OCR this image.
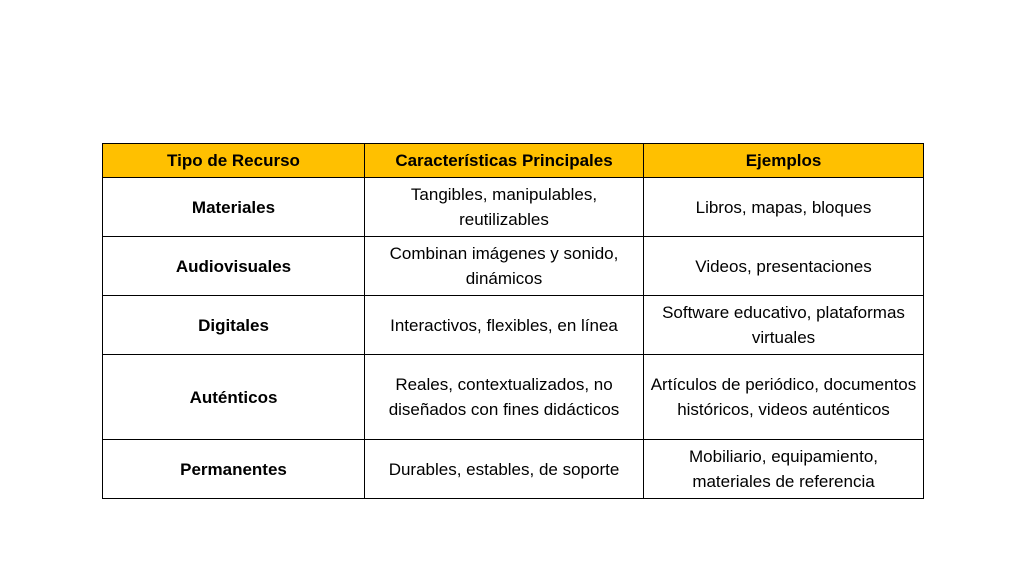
Tipo de Recurso	Características Principales	Ejemplos
Materiales	Tangibles, manipulables, reutilizables	Libros, mapas, bloques
Audiovisuales	Combinan imágenes y sonido, dinámicos	Videos, presentaciones
Digitales	Interactivos, flexibles, en línea	Software educativo, plataformas virtuales
Auténticos	Reales, contextualizados, no diseñados con fines didácticos	Artículos de periódico, documentos históricos, videos auténticos
Permanentes	Durables, estables, de soporte	Mobiliario, equipamiento, materiales de referencia
